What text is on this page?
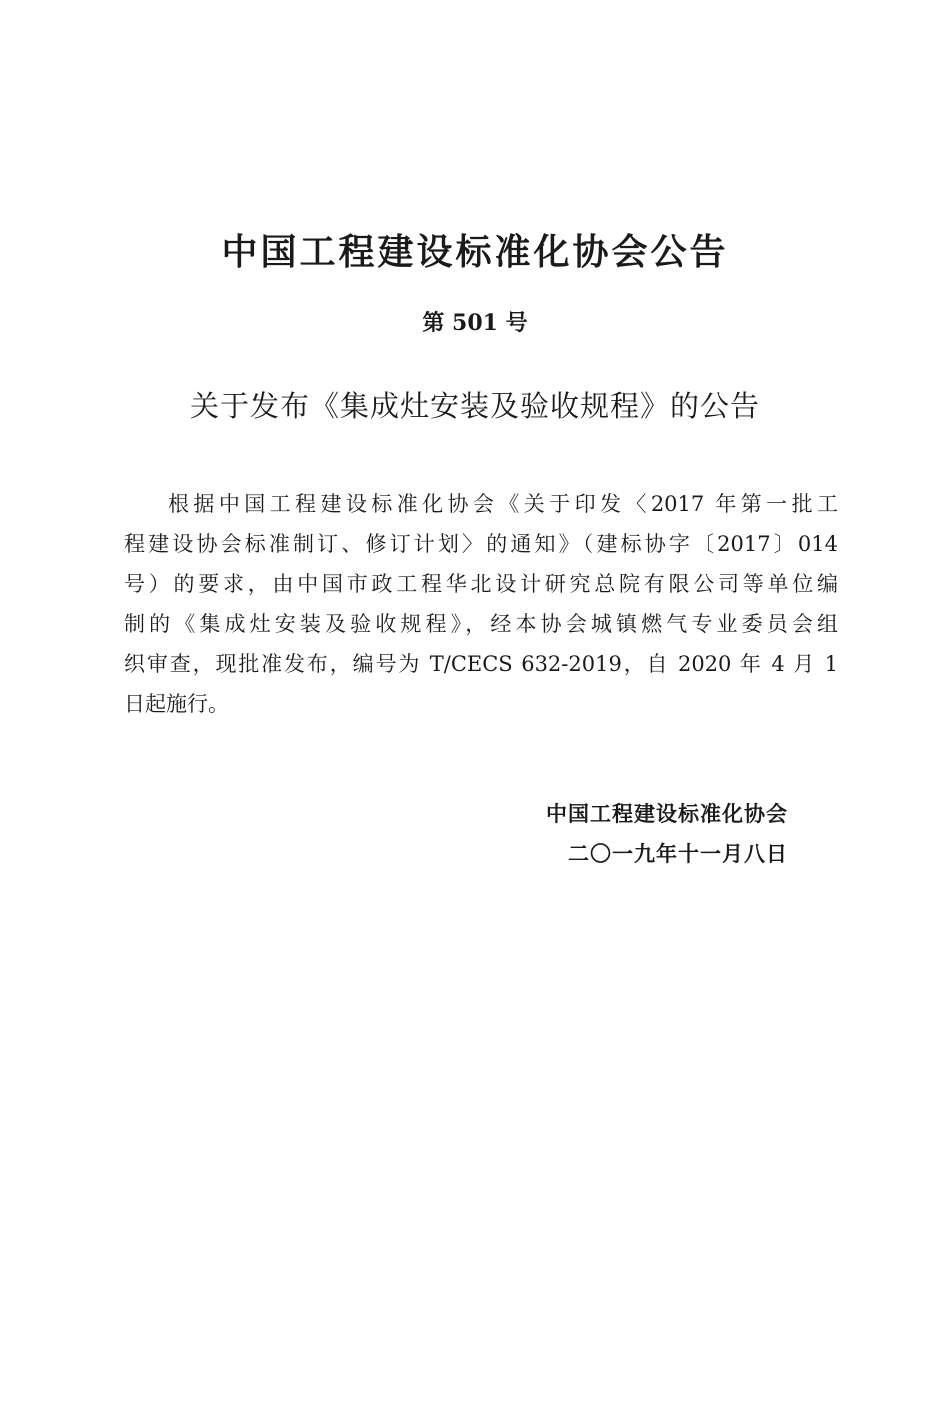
中国工程建设标准化协会公告
第 501 号
关于发布《集成灶安装及验收规程》的公告
根据中国工程建设标准化协会《关于印发〈2017 年第一批工
程建设协会标准制订、修订计划〉的通知》（建标协字〔2017〕014
号）的要求，由中国市政工程华北设计研究总院有限公司等单位编
制的《集成灶安装及验收规程》，经本协会城镇燃气专业委员会组
织审查，现批准发布，编号为 T/CECS 632-2019，自 2020 年 4 月 1
日起施行。
中国工程建设标准化协会
二〇一九年十一月八日
